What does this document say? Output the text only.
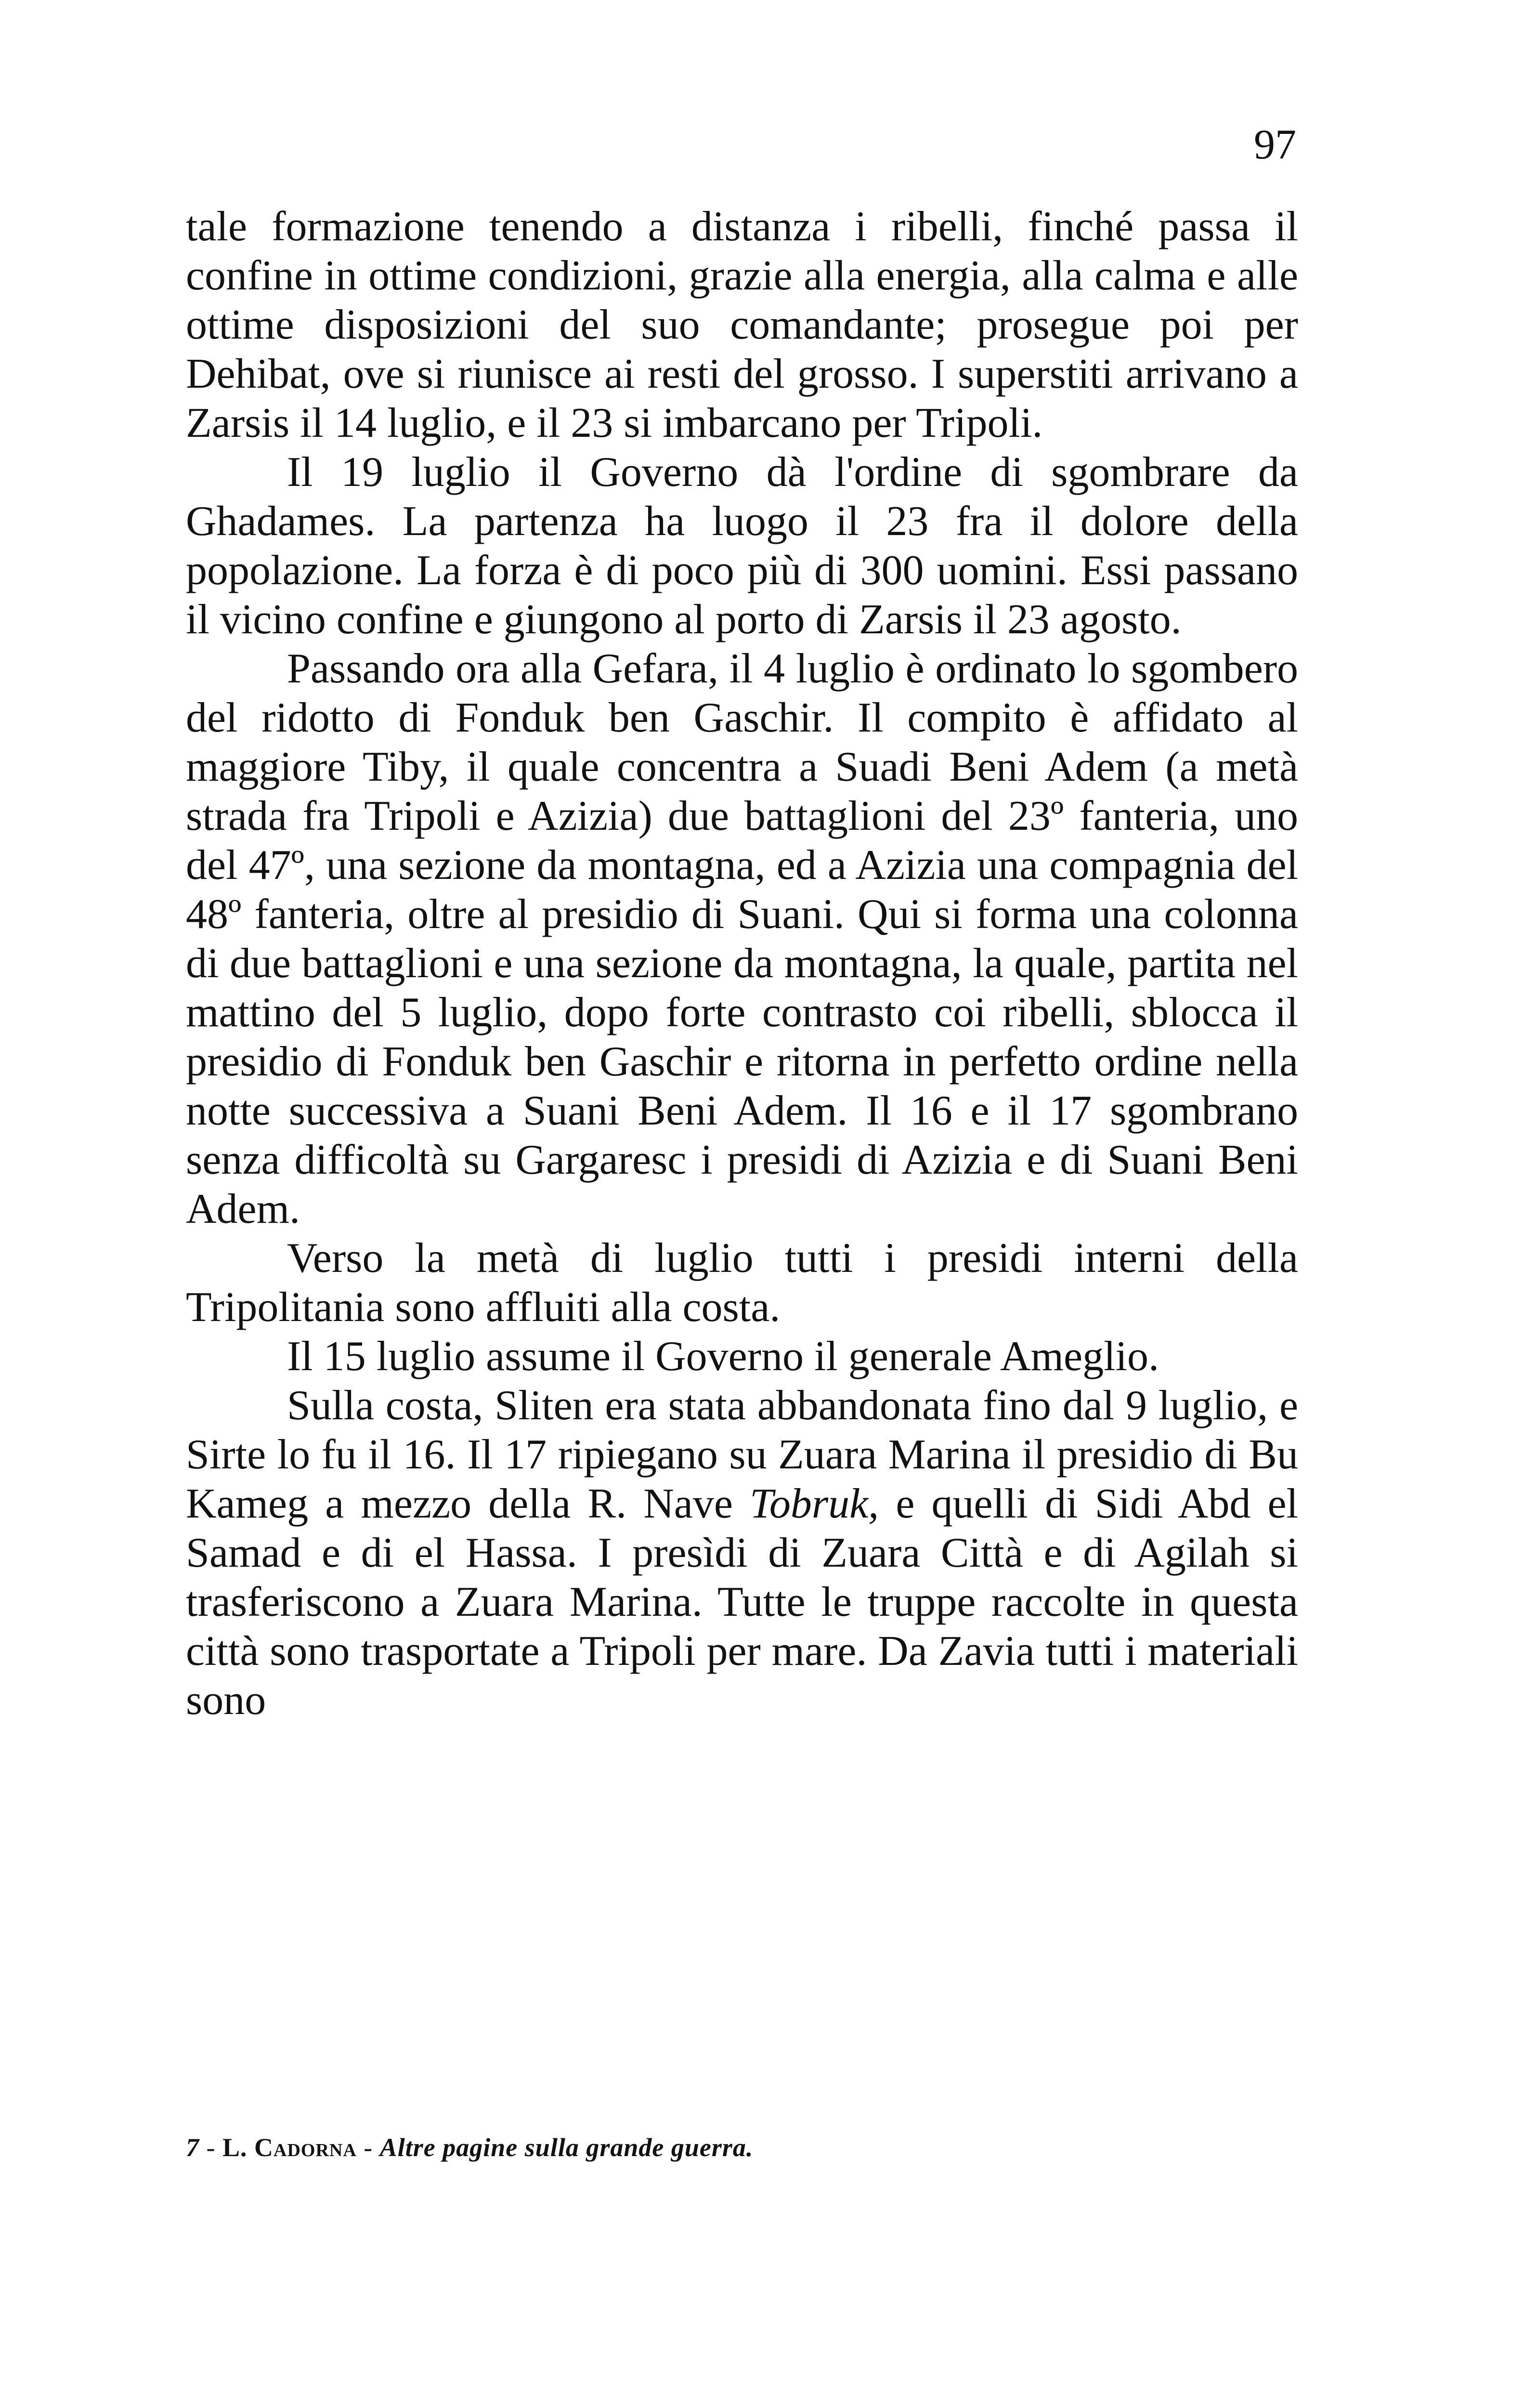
97

tale formazione tenendo a distanza i ribelli, finché passa il confine in ottime condizioni, grazie alla energia, alla calma e alle ottime disposizioni del suo comandante; prosegue poi per Dehibat, ove si riunisce ai resti del grosso. I superstiti arrivano a Zarsis il 14 luglio, e il 23 si imbarcano per Tripoli.

Il 19 luglio il Governo dà l'ordine di sgombrare da Ghadames. La partenza ha luogo il 23 fra il dolore della popolazione. La forza è di poco più di 300 uomini. Essi passano il vicino confine e giungono al porto di Zarsis il 23 agosto.

Passando ora alla Gefara, il 4 luglio è ordinato lo sgombero del ridotto di Fonduk ben Gaschir. Il compito è affidato al maggiore Tiby, il quale concentra a Suadi Beni Adem (a metà strada fra Tripoli e Azizia) due battaglioni del 23º fanteria, uno del 47º, una sezione da montagna, ed a Azizia una compagnia del 48º fanteria, oltre al presidio di Suani. Qui si forma una colonna di due battaglioni e una sezione da montagna, la quale, partita nel mattino del 5 luglio, dopo forte contrasto coi ribelli, sblocca il presidio di Fonduk ben Gaschir e ritorna in perfetto ordine nella notte successiva a Suani Beni Adem. Il 16 e il 17 sgombrano senza difficoltà su Gargaresc i presidi di Azizia e di Suani Beni Adem.

Verso la metà di luglio tutti i presidi interni della Tripolitania sono affluiti alla costa.

Il 15 luglio assume il Governo il generale Ameglio.

Sulla costa, Sliten era stata abbandonata fino dal 9 luglio, e Sirte lo fu il 16. Il 17 ripiegano su Zuara Marina il presidio di Bu Kameg a mezzo della R. Nave Tobruk, e quelli di Sidi Abd el Samad e di el Hassa. I presìdi di Zuara Città e di Agilah si trasferiscono a Zuara Marina. Tutte le truppe raccolte in questa città sono trasportate a Tripoli per mare. Da Zavia tutti i materiali sono

7 - L. Cadorna - Altre pagine sulla grande guerra.
